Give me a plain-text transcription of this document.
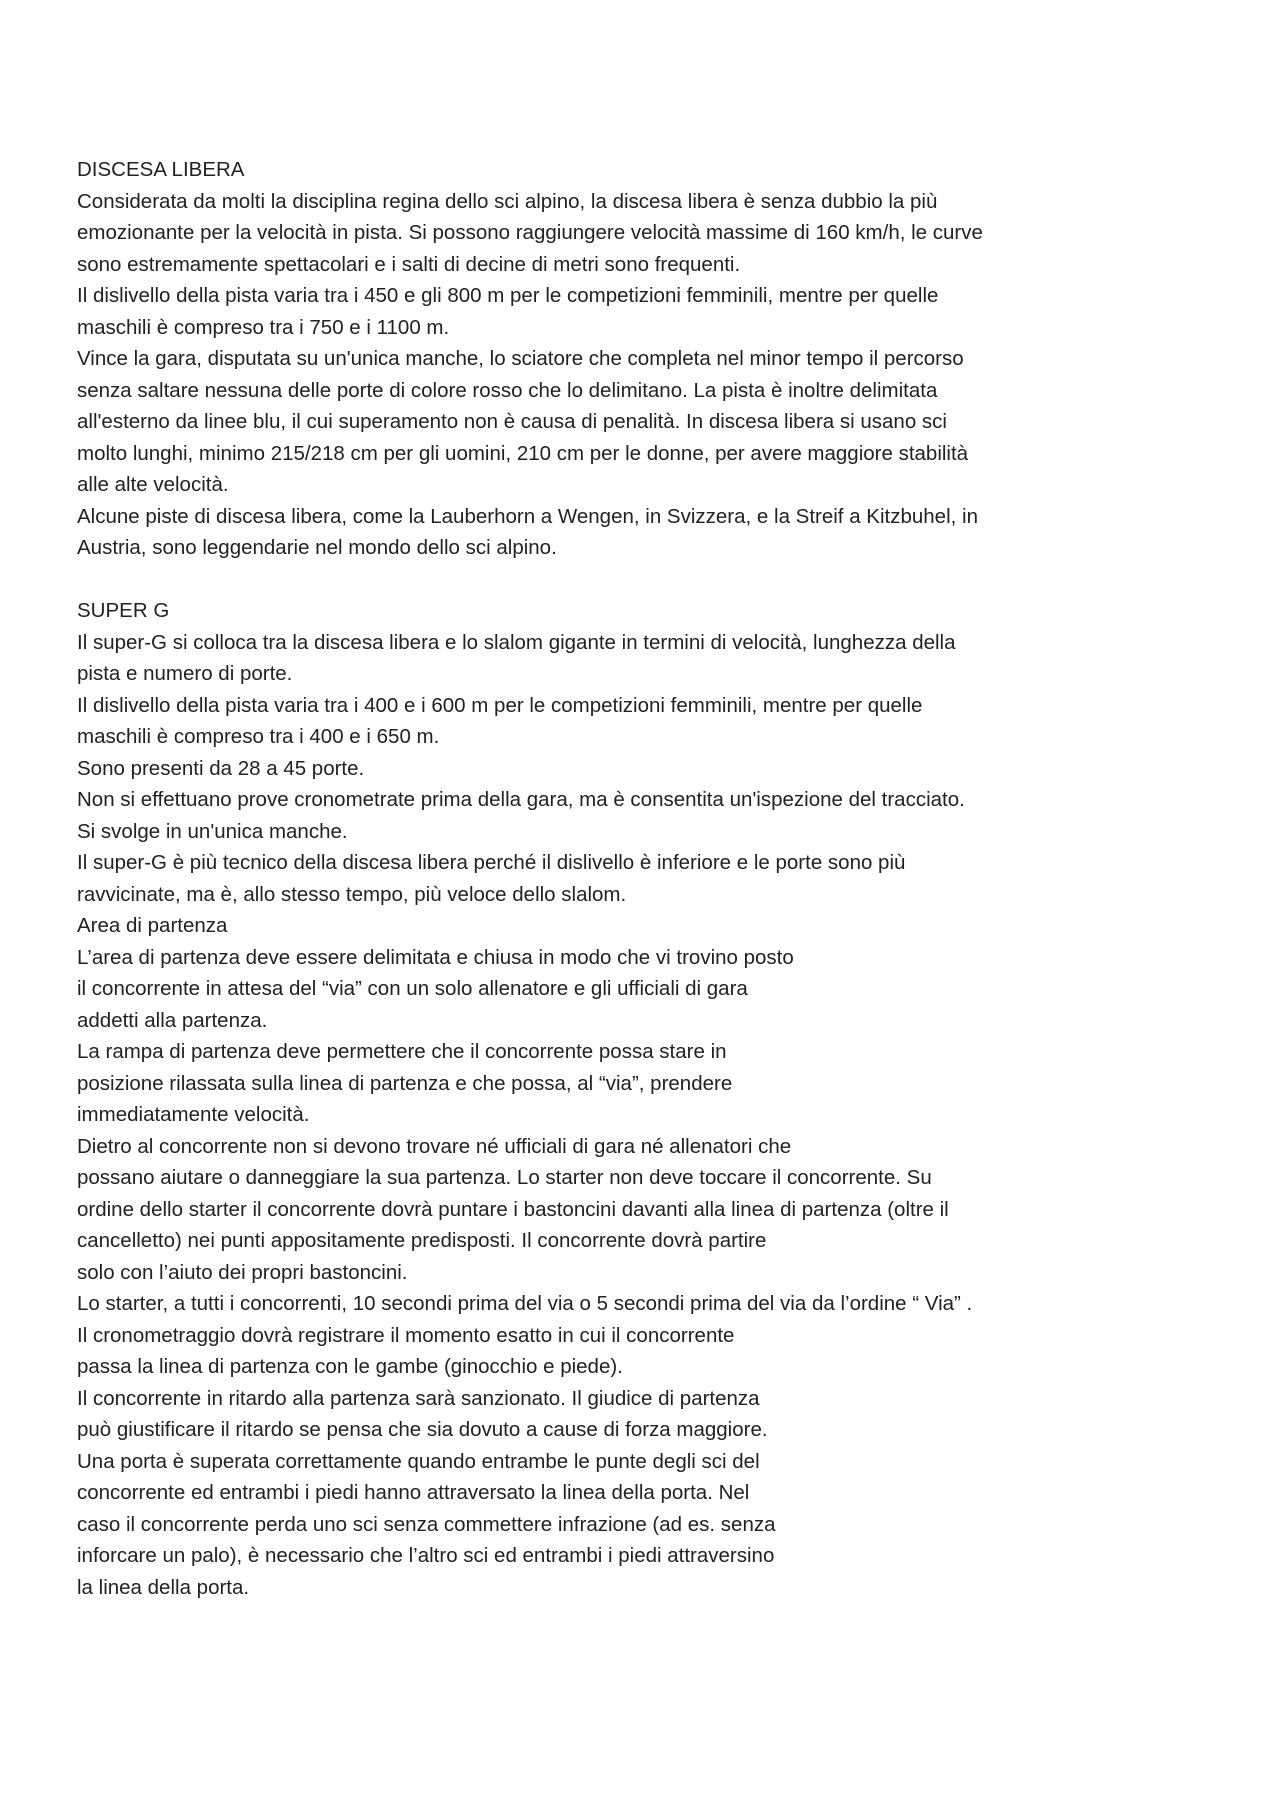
DISCESA LIBERA
Considerata da molti la disciplina regina dello sci alpino, la discesa libera è senza dubbio la più
emozionante per la velocità in pista. Si possono raggiungere velocità massime di 160 km/h, le curve
sono estremamente spettacolari e i salti di decine di metri sono frequenti.
Il dislivello della pista varia tra i 450 e gli 800 m per le competizioni femminili, mentre per quelle
maschili è compreso tra i 750 e i 1100 m.
Vince la gara, disputata su un'unica manche, lo sciatore che completa nel minor tempo il percorso
senza saltare nessuna delle porte di colore rosso che lo delimitano. La pista è inoltre delimitata
all'esterno da linee blu, il cui superamento non è causa di penalità. In discesa libera si usano sci
molto lunghi, minimo 215/218 cm per gli uomini, 210 cm per le donne, per avere maggiore stabilità
alle alte velocità.
Alcune piste di discesa libera, come la Lauberhorn a Wengen, in Svizzera, e la Streif a Kitzbuhel, in
Austria, sono leggendarie nel mondo dello sci alpino.
SUPER G
Il super-G si colloca tra la discesa libera e lo slalom gigante in termini di velocità, lunghezza della
pista e numero di porte.
Il dislivello della pista varia tra i 400 e i 600 m per le competizioni femminili, mentre per quelle
maschili è compreso tra i 400 e i 650 m.
Sono presenti da 28 a 45 porte.
Non si effettuano prove cronometrate prima della gara, ma è consentita un'ispezione del tracciato.
Si svolge in un'unica manche.
Il super-G è più tecnico della discesa libera perché il dislivello è inferiore e le porte sono più
ravvicinate, ma è, allo stesso tempo, più veloce dello slalom.
Area di partenza
L’area di partenza deve essere delimitata e chiusa in modo che vi trovino posto
il concorrente in attesa del “via” con un solo allenatore e gli ufficiali di gara
addetti alla partenza.
La rampa di partenza deve permettere che il concorrente possa stare in
posizione rilassata sulla linea di partenza e che possa, al “via”, prendere
immediatamente velocità.
Dietro al concorrente non si devono trovare né ufficiali di gara né allenatori che
possano aiutare o danneggiare la sua partenza. Lo starter non deve toccare il concorrente. Su
ordine dello starter il concorrente dovrà puntare i bastoncini davanti alla linea di partenza (oltre il
cancelletto) nei punti appositamente predisposti. Il concorrente dovrà partire
solo con l’aiuto dei propri bastoncini.
Lo starter, a tutti i concorrenti, 10 secondi prima del via o 5 secondi prima del via da l’ordine “ Via” .
Il cronometraggio dovrà registrare il momento esatto in cui il concorrente
passa la linea di partenza con le gambe (ginocchio e piede).
Il concorrente in ritardo alla partenza sarà sanzionato. Il giudice di partenza
può giustificare il ritardo se pensa che sia dovuto a cause di forza maggiore.
Una porta è superata correttamente quando entrambe le punte degli sci del
concorrente ed entrambi i piedi hanno attraversato la linea della porta. Nel
caso il concorrente perda uno sci senza commettere infrazione (ad es. senza
inforcare un palo), è necessario che l’altro sci ed entrambi i piedi attraversino
la linea della porta.
